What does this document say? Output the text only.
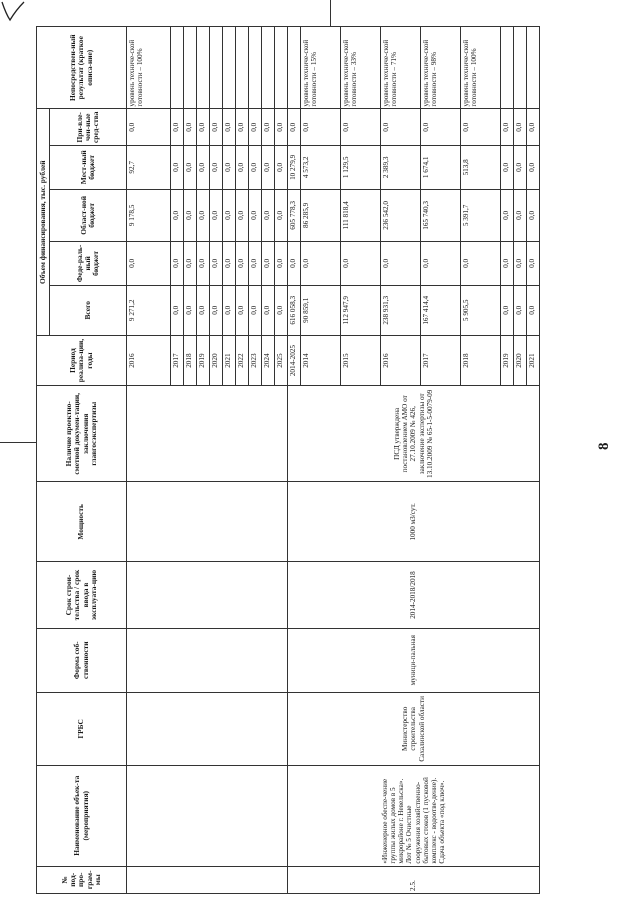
8
№ под-про-грам-мы	Наименование объек-та (мероприятия)	ГРБС	Форма соб-ственности	Срок строи-тельства / срок ввода в эксплуата-цию	Мощность	Наличие проектно-сметной докумен-тации, заключения главгосэкспертизы	Период реализа-ции, годы	Объем финансирования, тыс. рублей					Непосредствен-ный результат (краткое описа-ние)
								Всего	Феде-раль-ный бюджет	Област-ной бюджет	Мест-ный бюджет	При-вле-чен-ные сред-ства	
							2016	9 271,2	0,0	9 178,5	92,7	0,0	уровень техниче-ской готовности – 100%
							2017	0,0	0,0	0,0	0,0	0,0	
							2018	0,0	0,0	0,0	0,0	0,0	
							2019	0,0	0,0	0,0	0,0	0,0	
							2020	0,0	0,0	0,0	0,0	0,0	
							2021	0,0	0,0	0,0	0,0	0,0	
							2022	0,0	0,0	0,0	0,0	0,0	
							2023	0,0	0,0	0,0	0,0	0,0	
							2024	0,0	0,0	0,0	0,0	0,0	
							2025	0,0	0,0	0,0	0,0	0,0	
2.5.	«Инженерное обеспе-чение группы жилых домов в 5 микрорайоне г. Невельска». Лот № 5 Очистные сооружения хозяйственно-бытовых стоков (1 пусковой комплекс - водоотве-дение). Сдача объекта «под ключ».	Министерство строительства Сахалинской области	муници-пальная	2014-2018/2018	1000 м3/сут.	ПСД утверждена постановлением АМО от 27.10.2009 № 426, заключение экспертизы от 13.10.2009 № 65-1-5-0079-09	2014-2025	616 058,3	0,0	605 778,3	10 279,9	0,0	
							2014	90 859,1	0,0	86 285,9	4 573,2	0,0	уровень техниче-ской готовности – 15%
							2015	112 947,9	0,0	111 818,4	1 129,5	0,0	уровень техниче-ской готовности – 33%
							2016	238 931,3	0,0	236 542,0	2 389,3	0,0	уровень техниче-ской готовности – 71%
							2017	167 414,4	0,0	165 740,3	1 674,1	0,0	уровень техниче-ской готовности – 98%
							2018	5 905,5	0,0	5 391,7	513,8	0,0	уровень техниче-ской готовности – 100%
							2019	0,0	0,0	0,0	0,0	0,0	
							2020	0,0	0,0	0,0	0,0	0,0	
							2021	0,0	0,0	0,0	0,0	0,0	
